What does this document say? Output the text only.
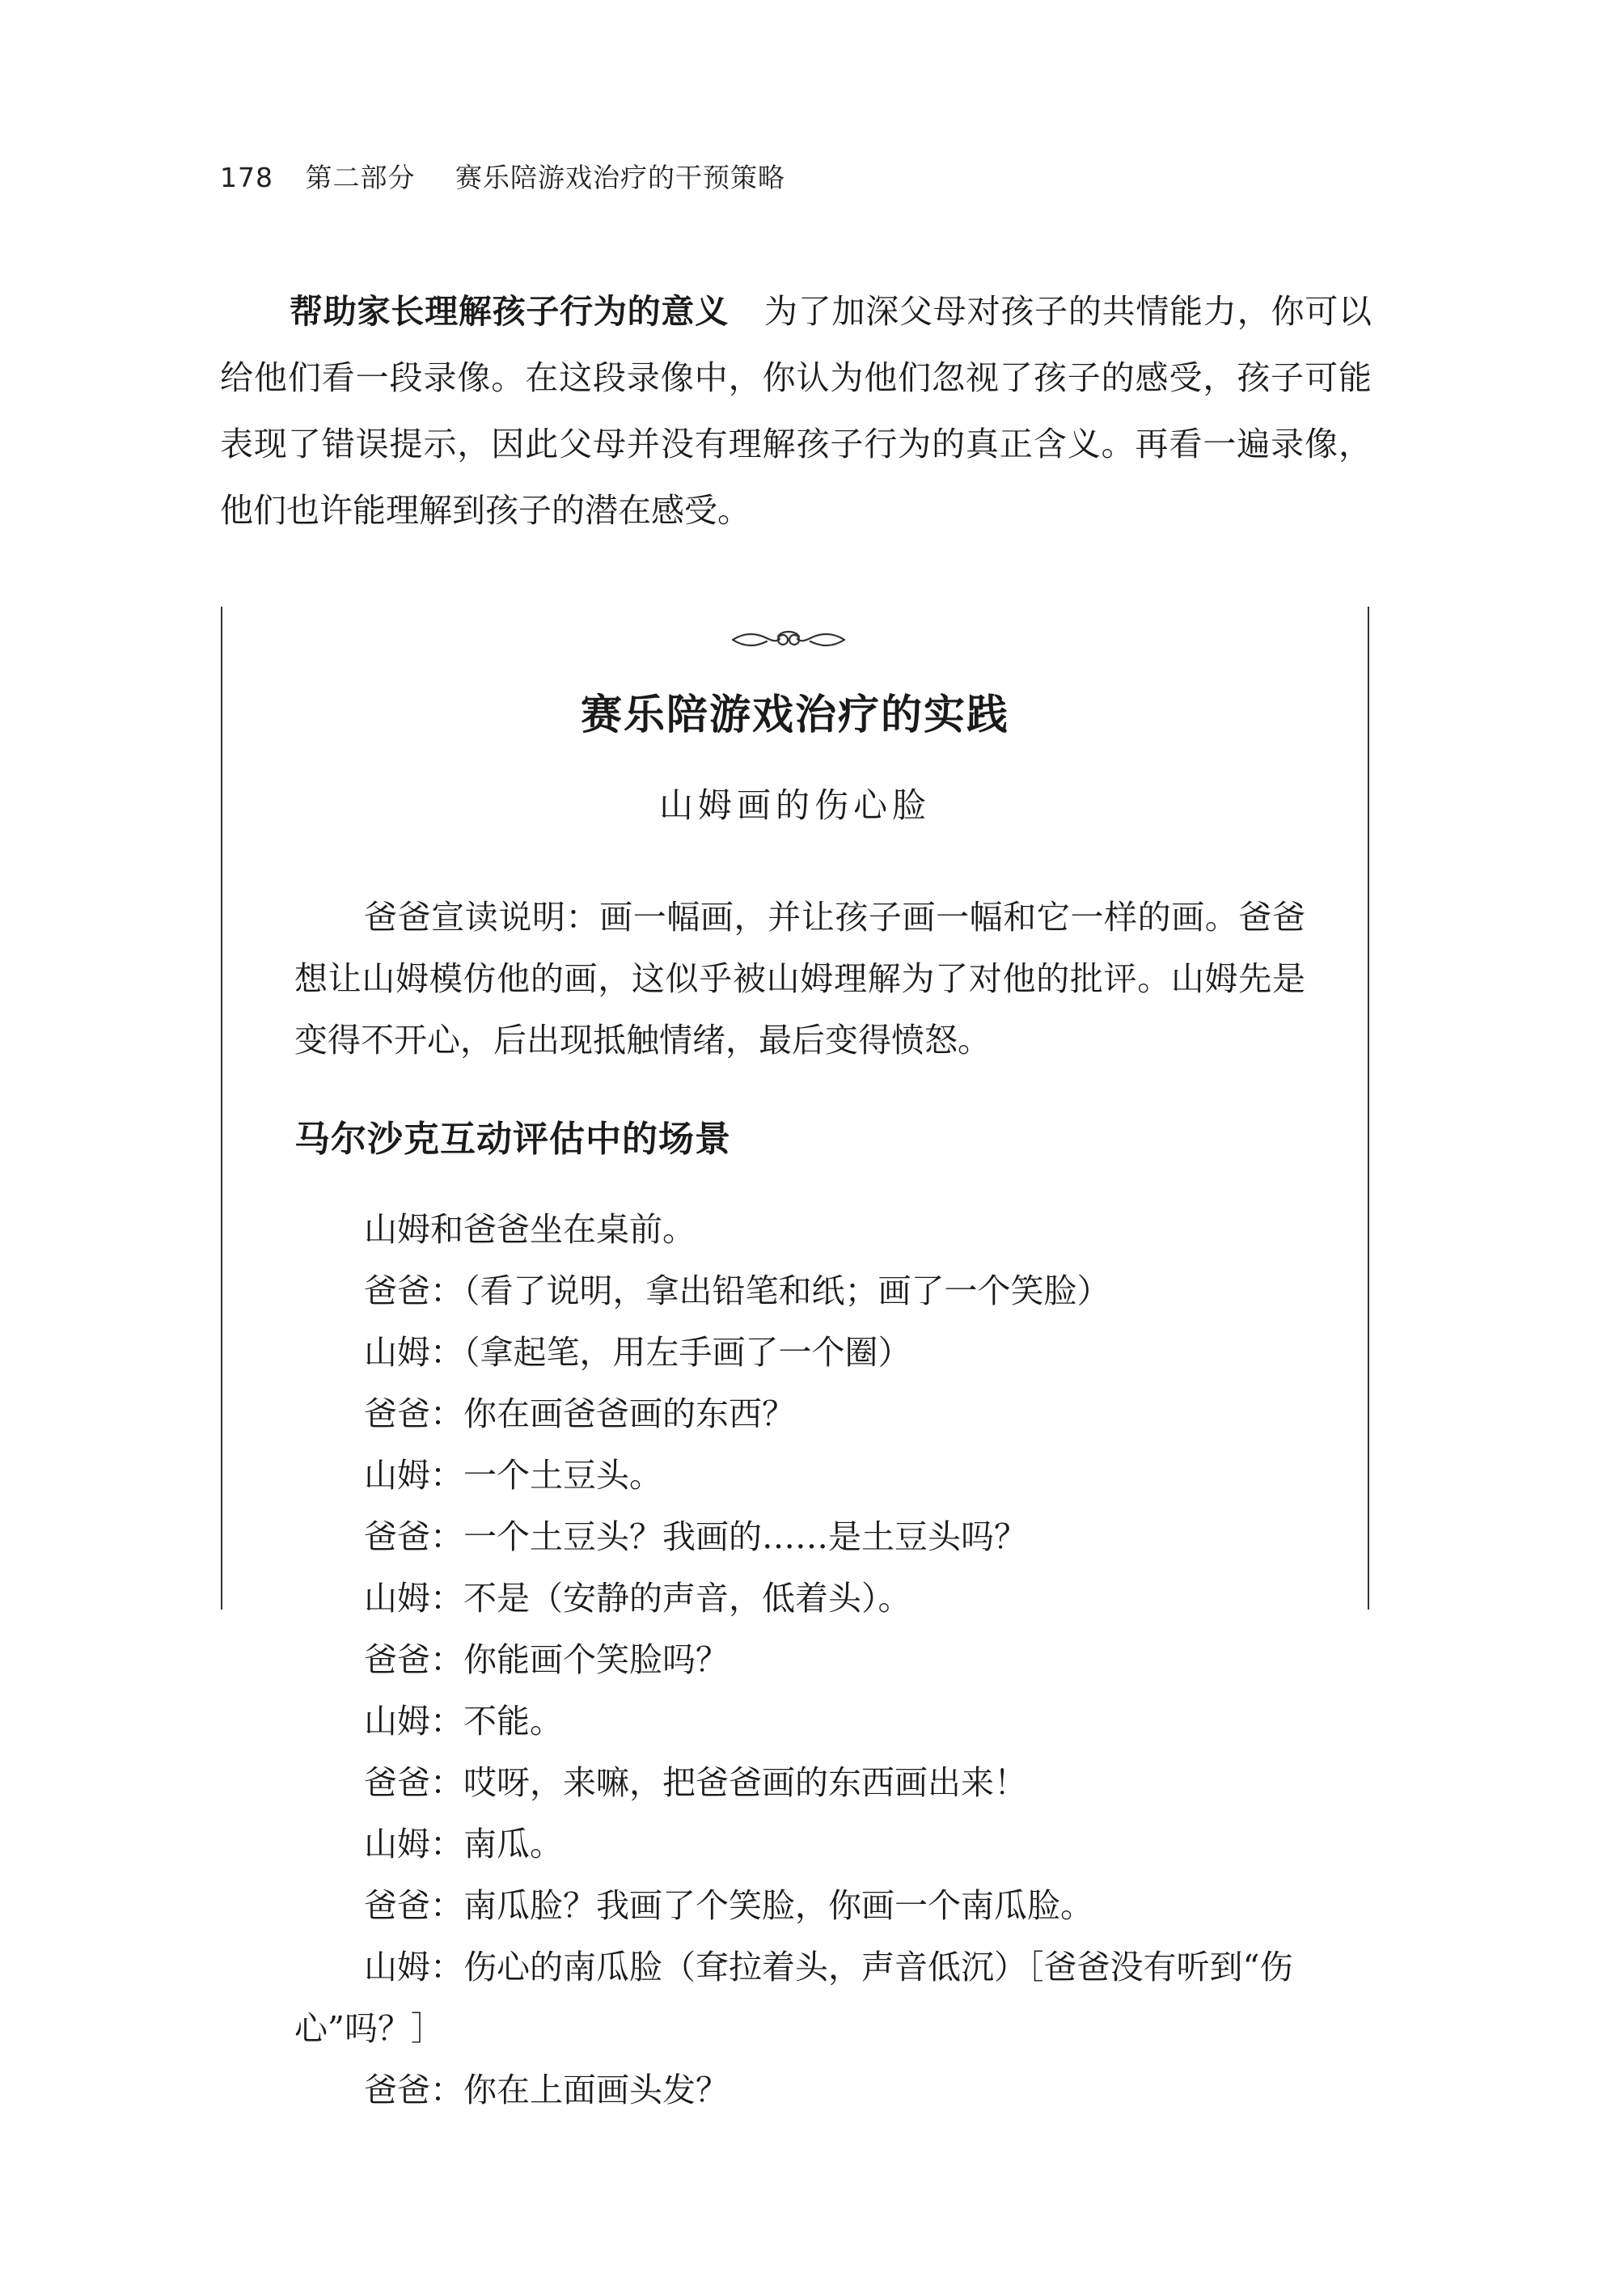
178 第二部分 赛乐陪游戏治疗的干预策略

帮助家长理解孩子行为的意义 为了加深父母对孩子的共情能力，你可以给他们看一段录像。在这段录像中，你认为他们忽视了孩子的感受，孩子可能表现了错误提示，因此父母并没有理解孩子行为的真正含义。再看一遍录像，他们也许能理解到孩子的潜在感受。

赛乐陪游戏治疗的实践
山姆画的伤心脸

爸爸宣读说明：画一幅画，并让孩子画一幅和它一样的画。爸爸想让山姆模仿他的画，这似乎被山姆理解为了对他的批评。山姆先是变得不开心，后出现抵触情绪，最后变得愤怒。

马尔沙克互动评估中的场景
山姆和爸爸坐在桌前。
爸爸：（看了说明，拿出铅笔和纸；画了一个笑脸）
山姆：（拿起笔，用左手画了一个圈）
爸爸：你在画爸爸画的东西？
山姆：一个土豆头。
爸爸：一个土豆头？我画的……是土豆头吗？
山姆：不是（安静的声音，低着头）。
爸爸：你能画个笑脸吗？
山姆：不能。
爸爸：哎呀，来嘛，把爸爸画的东西画出来！
山姆：南瓜。
爸爸：南瓜脸？我画了个笑脸，你画一个南瓜脸。
山姆：伤心的南瓜脸（耷拉着头，声音低沉）［爸爸没有听到“伤心”吗？］
爸爸：你在上面画头发？
